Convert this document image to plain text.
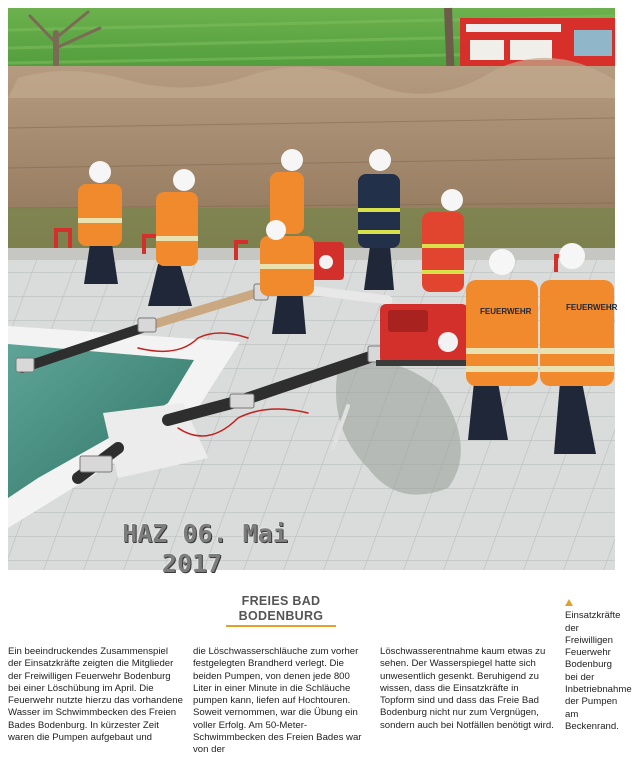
FEUERWEHR	FEUERWEHR
HAZ 06. Mai
2017
FREIES BAD
BODENBURG

Ein beeindruckendes Zusammenspiel der Einsatzkräfte zeigten die Mitglieder der Freiwilligen Feuerwehr Bodenburg bei einer Löschübung im April. Die Feuerwehr nutzte hierzu das vorhandene Wasser im Schwimmbecken des Freien Bades Bodenburg. In kürzester Zeit waren die Pumpen aufgebaut und

die Löschwasserschläuche zum vorher festgelegten Brandherd verlegt. Die beiden Pumpen, von denen jede 800 Liter in einer Minute in die Schläuche pumpen kann, liefen auf Hochtouren. Soweit vernommen, war die Übung ein voller Erfolg. Am 50-Meter-Schwimmbecken des Freien Bades war von der

Löschwasserentnahme kaum etwas zu sehen. Der Wasserspiegel hatte sich unwesentlich gesenkt. Beruhigend zu wissen, dass die Einsatzkräfte in Topform sind und dass das Freie Bad Bodenburg nicht nur zum Vergnügen, sondern auch bei Notfällen benötigt wird.

Einsatzkräfte der Freiwilligen Feuerwehr Bodenburg bei der Inbetriebnahme der Pumpen am Beckenrand.
